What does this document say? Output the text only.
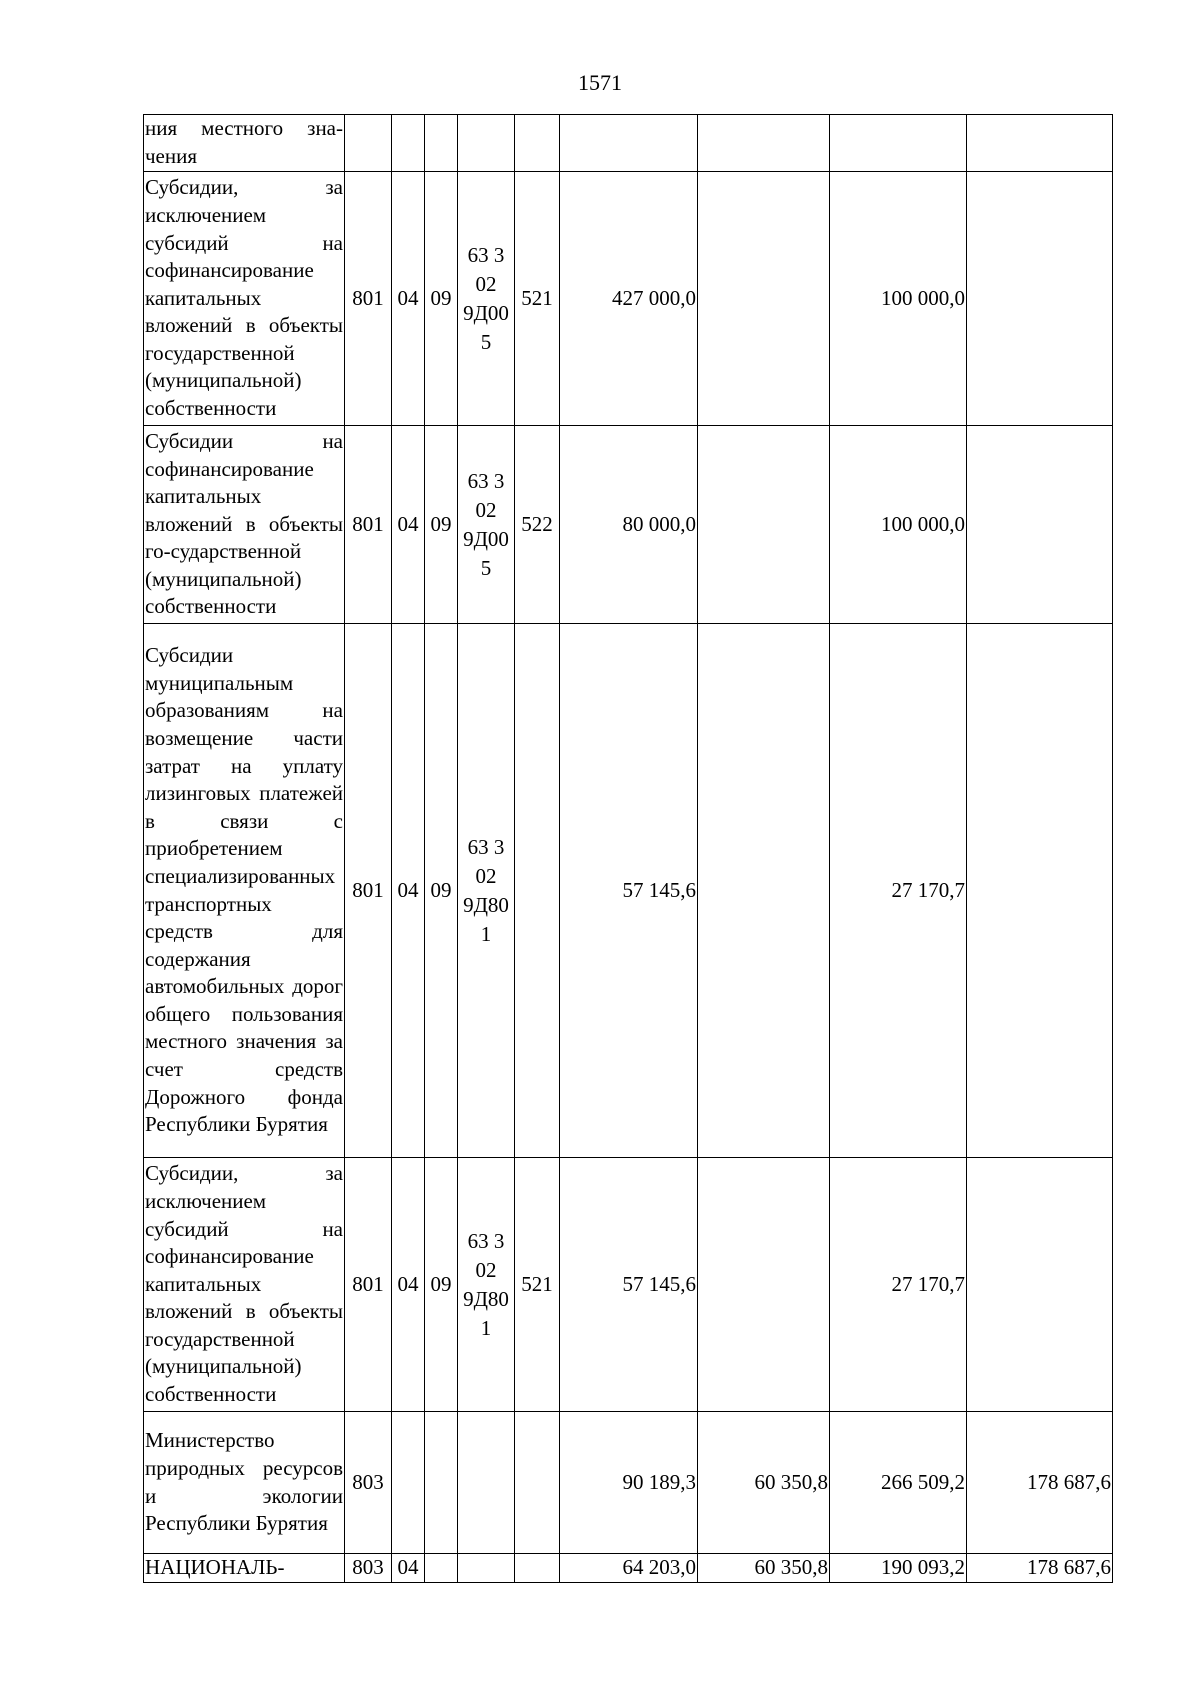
1571
ния местного зна-чения									
Субсидии, за исключением субсидий на софинансирование капитальных вложений в объекты государственной (муниципальной) собственности	801	04	09	63 3 02 9Д00 5	521	427 000,0		100 000,0	
Субсидии на софинансирование капитальных вложений в объекты го-сударственной (муниципальной) собственности	801	04	09	63 3 02 9Д00 5	522	80 000,0		100 000,0	
Субсидии муниципальным образованиям на возмещение части затрат на уплату лизинговых платежей в связи с приобретением специализированных транспортных средств для содержания автомобильных дорог общего пользования местного значения за счет средств Дорожного фонда Республики Бурятия	801	04	09	63 3 02 9Д80 1		57 145,6		27 170,7	
Субсидии, за исключением субсидий на софинансирование капитальных вложений в объекты государственной (муниципальной) собственности	801	04	09	63 3 02 9Д80 1	521	57 145,6		27 170,7	
Министерство природных ресурсов и экологии Республики Бурятия	803					90 189,3	60 350,8	266 509,2	178 687,6
НАЦИОНАЛЬ-	803	04				64 203,0	60 350,8	190 093,2	178 687,6
